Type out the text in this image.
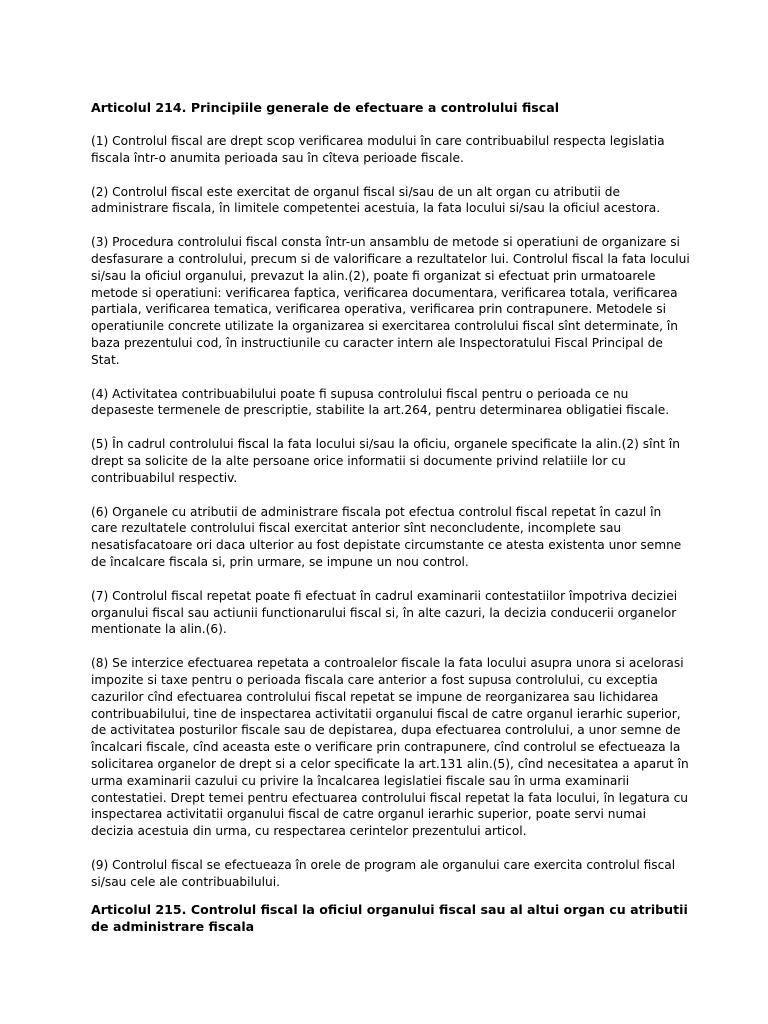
Articolul 214. Principiile generale de efectuare a controlului fiscal

(1) Controlul fiscal are drept scop verificarea modului în care contribuabilul respecta legislatia fiscala într-o anumita perioada sau în cîteva perioade fiscale.

(2) Controlul fiscal este exercitat de organul fiscal si/sau de un alt organ cu atributii de administrare fiscala, în limitele competentei acestuia, la fata locului si/sau la oficiul acestora.

(3) Procedura controlului fiscal consta într-un ansamblu de metode si operatiuni de organizare si desfasurare a controlului, precum si de valorificare a rezultatelor lui. Controlul fiscal la fata locului si/sau la oficiul organului, prevazut la alin.(2), poate fi organizat si efectuat prin urmatoarele metode si operatiuni: verificarea faptica, verificarea documentara, verificarea totala, verificarea partiala, verificarea tematica, verificarea operativa, verificarea prin contrapunere. Metodele si operatiunile concrete utilizate la organizarea si exercitarea controlului fiscal sînt determinate, în baza prezentului cod, în instructiunile cu caracter intern ale Inspectoratului Fiscal Principal de Stat.

(4) Activitatea contribuabilului poate fi supusa controlului fiscal pentru o perioada ce nu depaseste termenele de prescriptie, stabilite la art.264, pentru determinarea obligatiei fiscale.

(5) În cadrul controlului fiscal la fata locului si/sau la oficiu, organele specificate la alin.(2) sînt în drept sa solicite de la alte persoane orice informatii si documente privind relatiile lor cu contribuabilul respectiv.

(6) Organele cu atributii de administrare fiscala pot efectua controlul fiscal repetat în cazul în care rezultatele controlului fiscal exercitat anterior sînt neconcludente, incomplete sau nesatisfacatoare ori daca ulterior au fost depistate circumstante ce atesta existenta unor semne de încalcare fiscala si, prin urmare, se impune un nou control.

(7) Controlul fiscal repetat poate fi efectuat în cadrul examinarii contestatiilor împotriva deciziei organului fiscal sau actiunii functionarului fiscal si, în alte cazuri, la decizia conducerii organelor mentionate la alin.(6).

(8) Se interzice efectuarea repetata a controalelor fiscale la fata locului asupra unora si acelorasi impozite si taxe pentru o perioada fiscala care anterior a fost supusa controlului, cu exceptia cazurilor cînd efectuarea controlului fiscal repetat se impune de reorganizarea sau lichidarea contribuabilului, tine de inspectarea activitatii organului fiscal de catre organul ierarhic superior, de activitatea posturilor fiscale sau de depistarea, dupa efectuarea controlului, a unor semne de încalcari fiscale, cînd aceasta este o verificare prin contrapunere, cînd controlul se efectueaza la solicitarea organelor de drept si a celor specificate la art.131 alin.(5), cînd necesitatea a aparut în urma examinarii cazului cu privire la încalcarea legislatiei fiscale sau în urma examinarii contestatiei. Drept temei pentru efectuarea controlului fiscal repetat la fata locului, în legatura cu inspectarea activitatii organului fiscal de catre organul ierarhic superior, poate servi numai decizia acestuia din urma, cu respectarea cerintelor prezentului articol.

(9) Controlul fiscal se efectueaza în orele de program ale organului care exercita controlul fiscal si/sau cele ale contribuabilului.

Articolul 215. Controlul fiscal la oficiul organului fiscal sau al altui organ cu atributii de administrare fiscala
